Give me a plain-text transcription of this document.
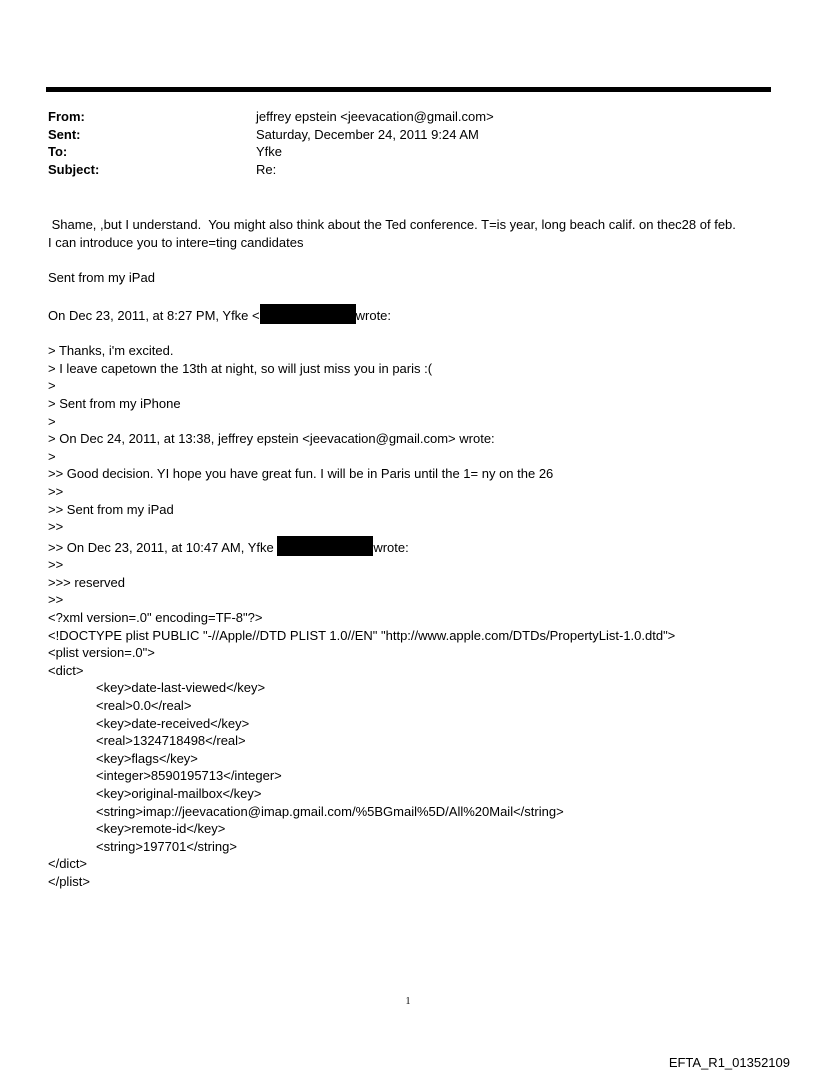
From:	jeffrey epstein <jeevacation@gmail.com>
Sent:	Saturday, December 24, 2011 9:24 AM
To:	Yfke
Subject:	Re:
Shame, ,but I understand.  You might also think about the Ted conference. T=is year, long beach calif. on thec28 of feb.
I can introduce you to intere=ting candidates
Sent from my iPad
On Dec 23, 2011, at 8:27 PM, Yfke <	wrote:
> Thanks, i'm excited.
> I leave capetown the 13th at night, so will just miss you in paris :(
>
> Sent from my iPhone
>
> On Dec 24, 2011, at 13:38, jeffrey epstein <jeevacation@gmail.com> wrote:
>
>> Good decision. YI hope you have great fun. I will be in Paris until the 1= ny on the 26
>>
>> Sent from my iPad
>>
>> On Dec 23, 2011, at 10:47 AM, Yfke	wrote:
>>
>>> reserved
>>
<?xml version=.0" encoding=TF-8"?>
<!DOCTYPE plist PUBLIC "-//Apple//DTD PLIST 1.0//EN" "http://www.apple.com/DTDs/PropertyList-1.0.dtd">
<plist version=.0">
<dict>
<key>date-last-viewed</key>
<real>0.0</real>
<key>date-received</key>
<real>1324718498</real>
<key>flags</key>
<integer>8590195713</integer>
<key>original-mailbox</key>
<string>imap://jeevacation@imap.gmail.com/%5BGmail%5D/All%20Mail</string>
<key>remote-id</key>
<string>197701</string>
</dict>
</plist>
1
EFTA_R1_01352109
